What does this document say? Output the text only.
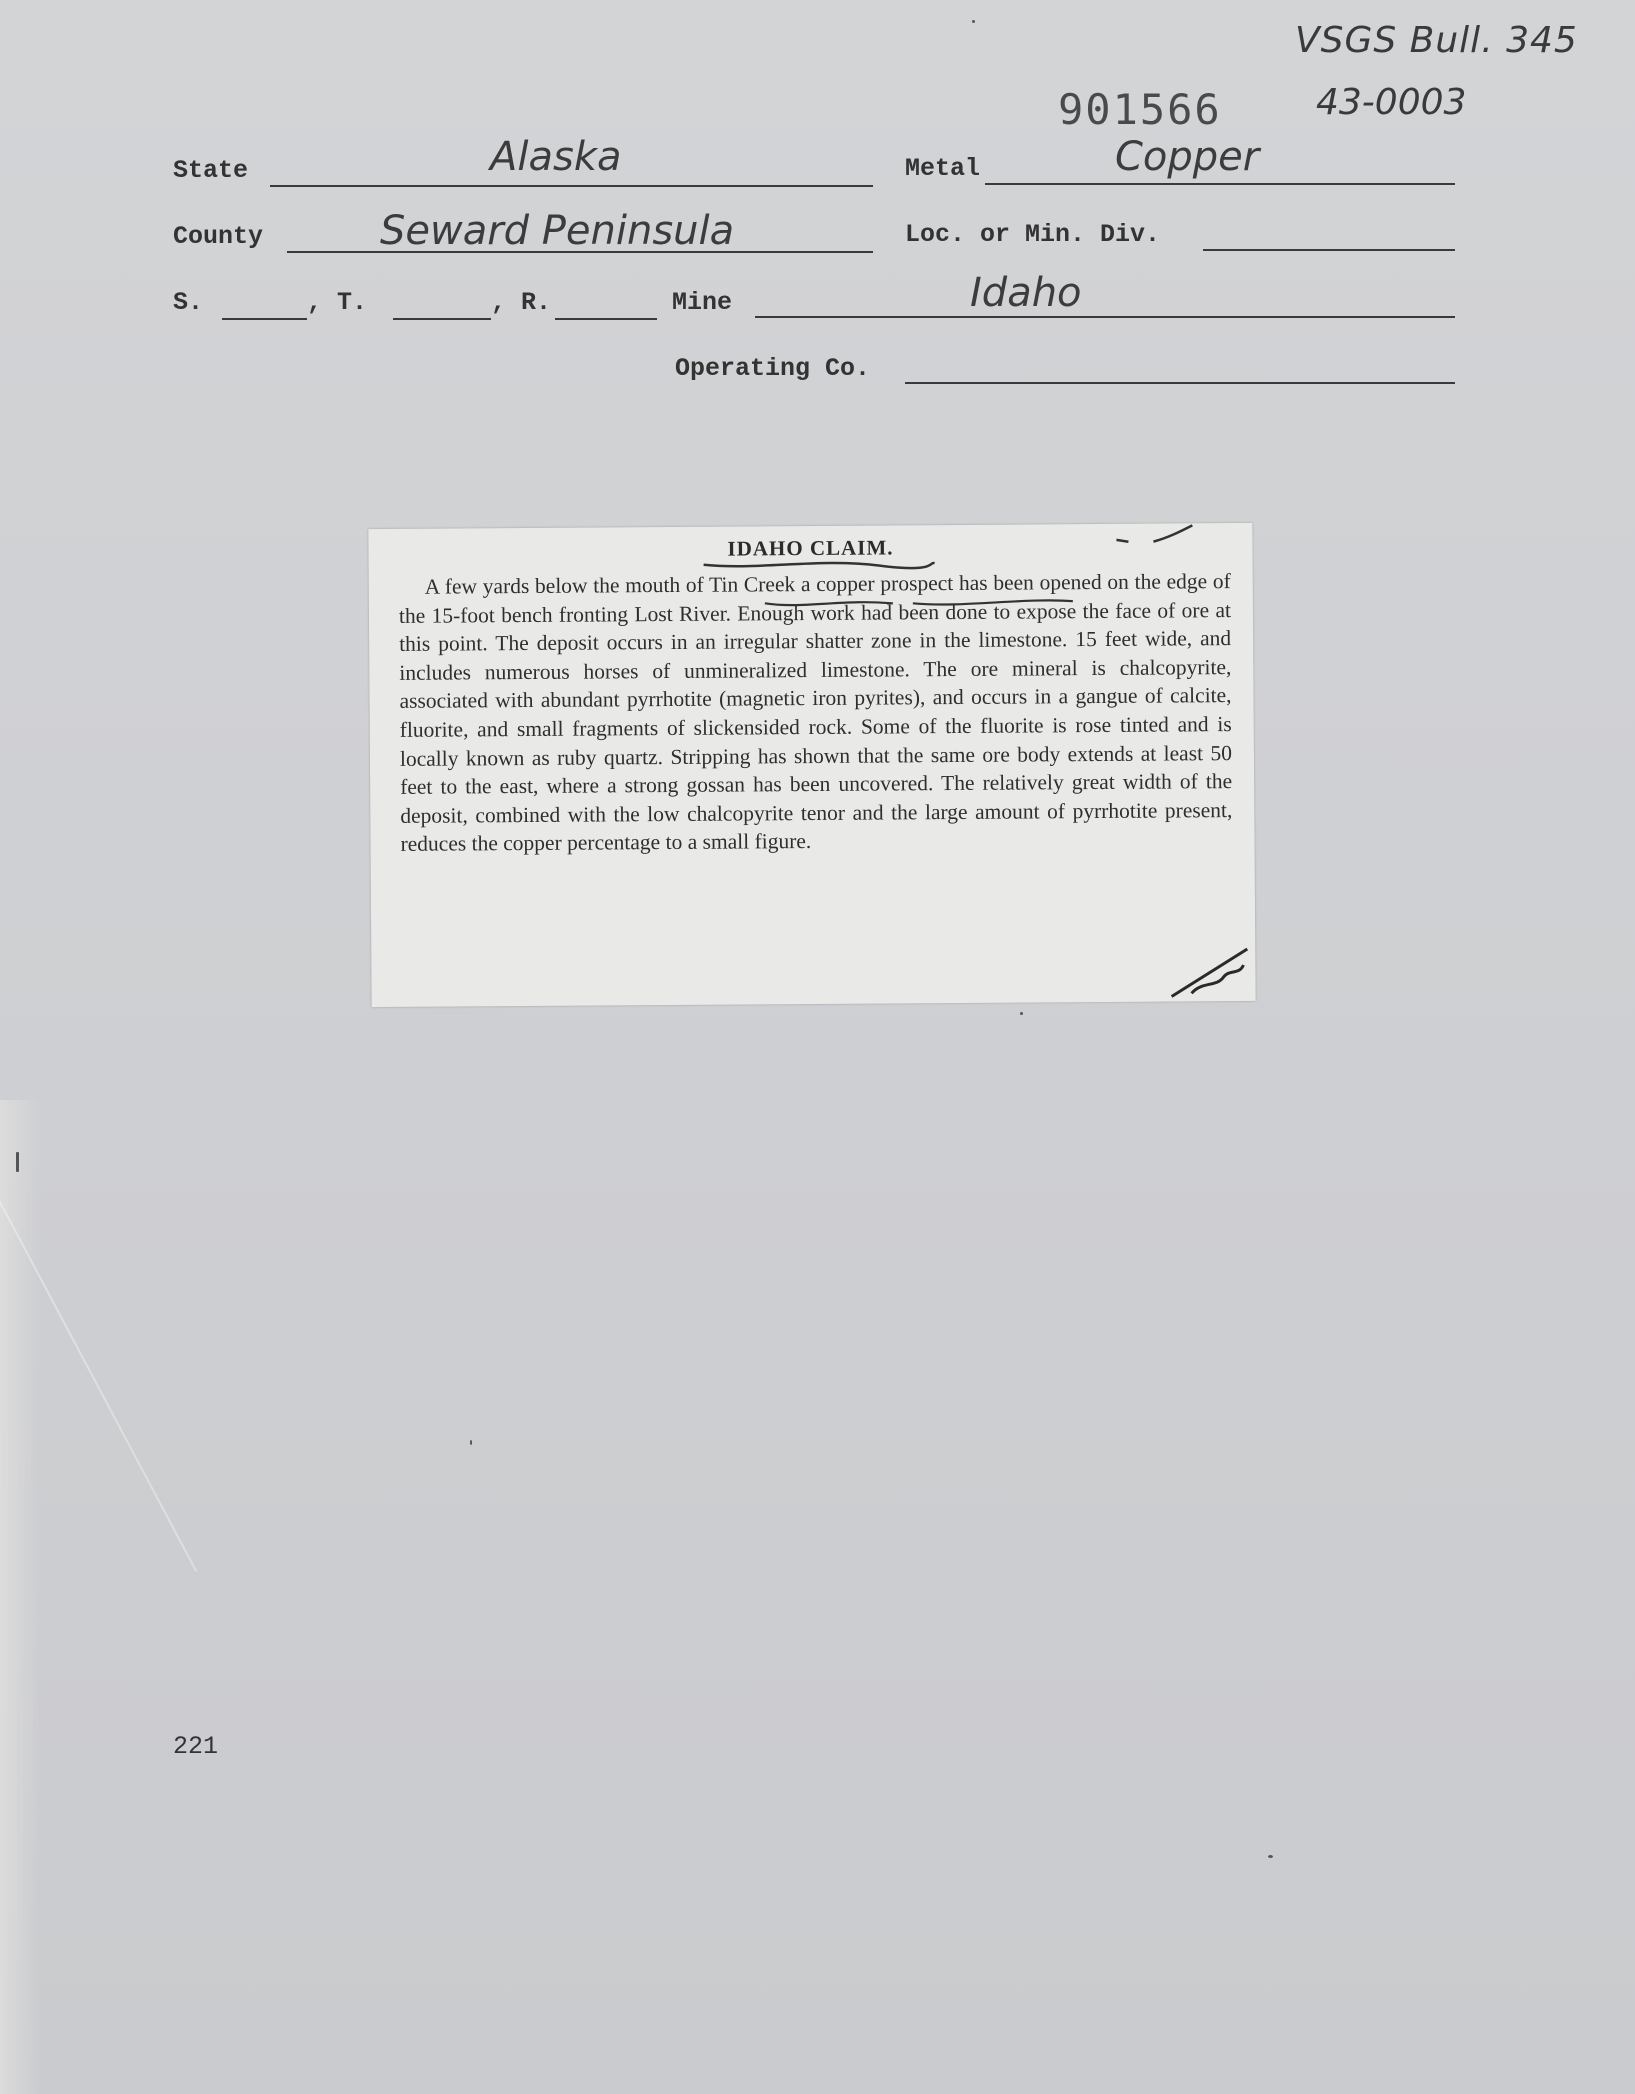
VSGS Bull. 345
901566	43-0003
State	Alaska	Metal	Copper
County	Seward Peninsula	Loc. or Min. Div.
S.	, T.	, R.	Mine	Idaho
Operating Co.
IDAHO CLAIM.
A few yards below the mouth of Tin Creek a copper prospect has been opened on the edge of the 15-foot bench fronting Lost River. Enough work had been done to expose the face of ore at this point. The deposit occurs in an irregular shatter zone in the limestone. 15 feet wide, and includes numerous horses of unmineralized limestone. The ore mineral is chalcopyrite, associated with abundant pyrrhotite (magnetic iron pyrites), and occurs in a gangue of calcite, fluorite, and small fragments of slickensided rock. Some of the fluorite is rose tinted and is locally known as ruby quartz. Stripping has shown that the same ore body extends at least 50 feet to the east, where a strong gossan has been uncovered. The relatively great width of the deposit, combined with the low chalcopyrite tenor and the large amount of pyrrhotite present, reduces the copper percentage to a small figure.
221
